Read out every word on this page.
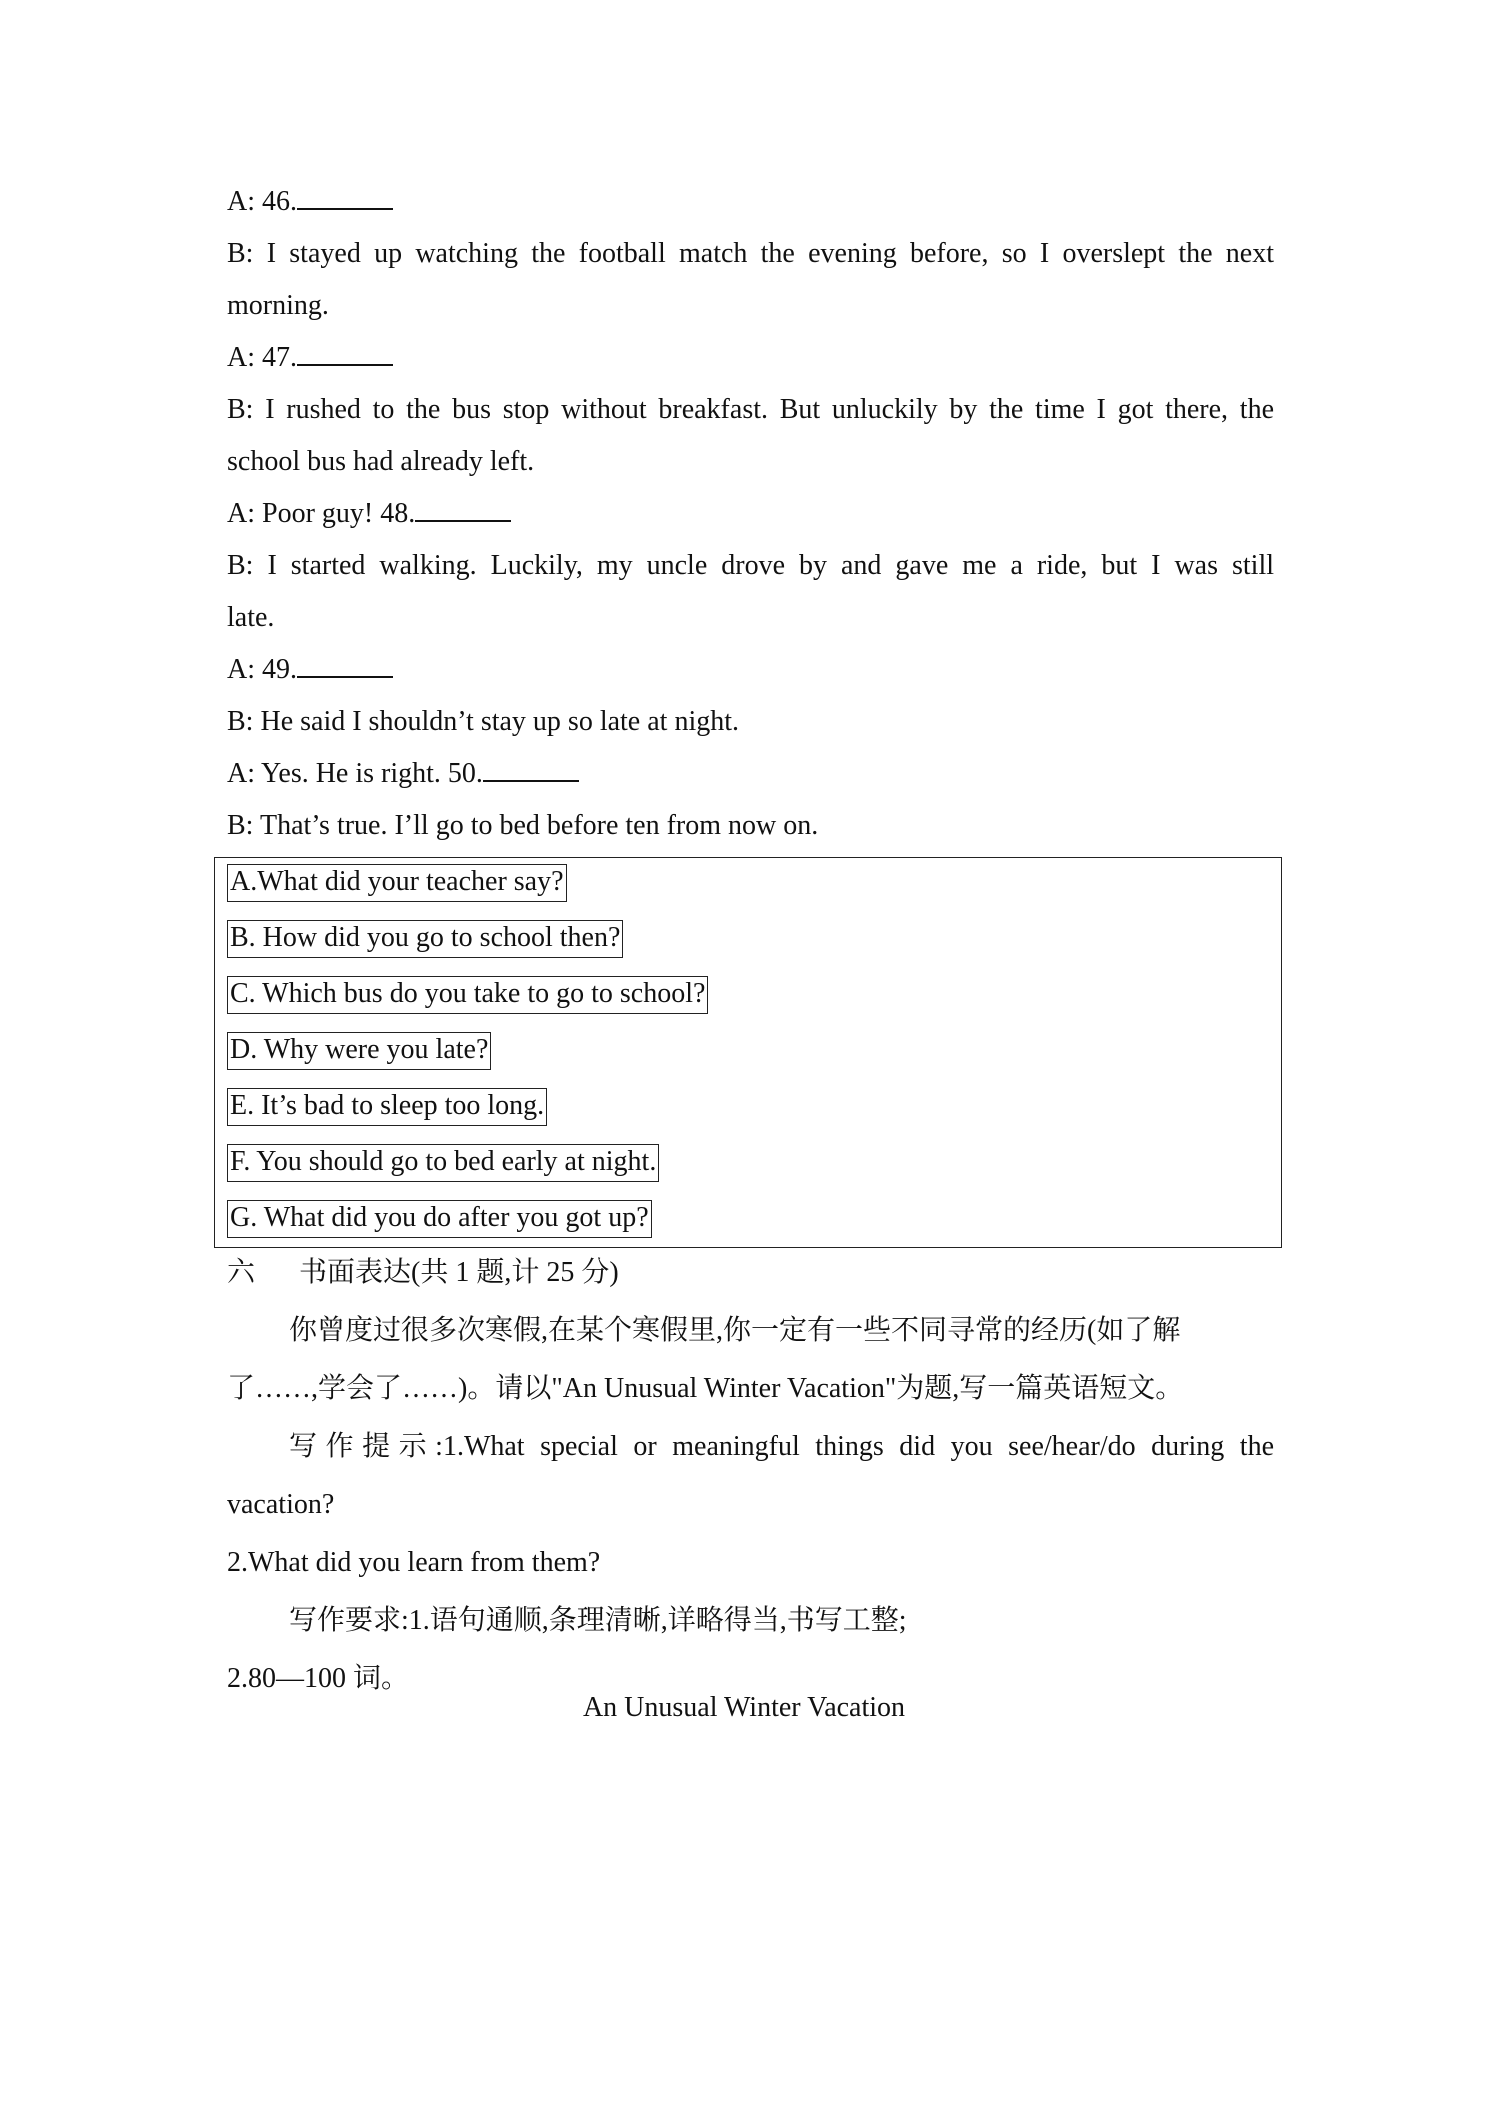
A: 46.
B: I stayed up watching the football match the evening before, so I overslept the next
morning.
A: 47.
B: I rushed to the bus stop without breakfast. But unluckily by the time I got there, the
school bus had already left.
A: Poor guy! 48.
B: I started walking. Luckily, my uncle drove by and gave me a ride, but I was still
late.
A: 49.
B: He said I shouldn’t stay up so late at night.
A: Yes. He is right. 50.
B: That’s true. I’ll go to bed before ten from now on.
A.What did your teacher say?
B. How did you go to school then?
C. Which bus do you take to go to school?
D. Why were you late?
E. It’s bad to sleep too long.
F. You should go to bed early at night.
G. What did you do after you got up?
六 书面表达(共 1 题,计 25 分)
你曾度过很多次寒假,在某个寒假里,你一定有一些不同寻常的经历(如了解
了……,学会了……)。请以"An Unusual Winter Vacation"为题,写一篇英语短文。
写作提示:1.What special or meaningful things did you see/hear/do during the
vacation?
2.What did you learn from them?
写作要求:1.语句通顺,条理清晰,详略得当,书写工整;
2.80—100 词。
An Unusual Winter Vacation
